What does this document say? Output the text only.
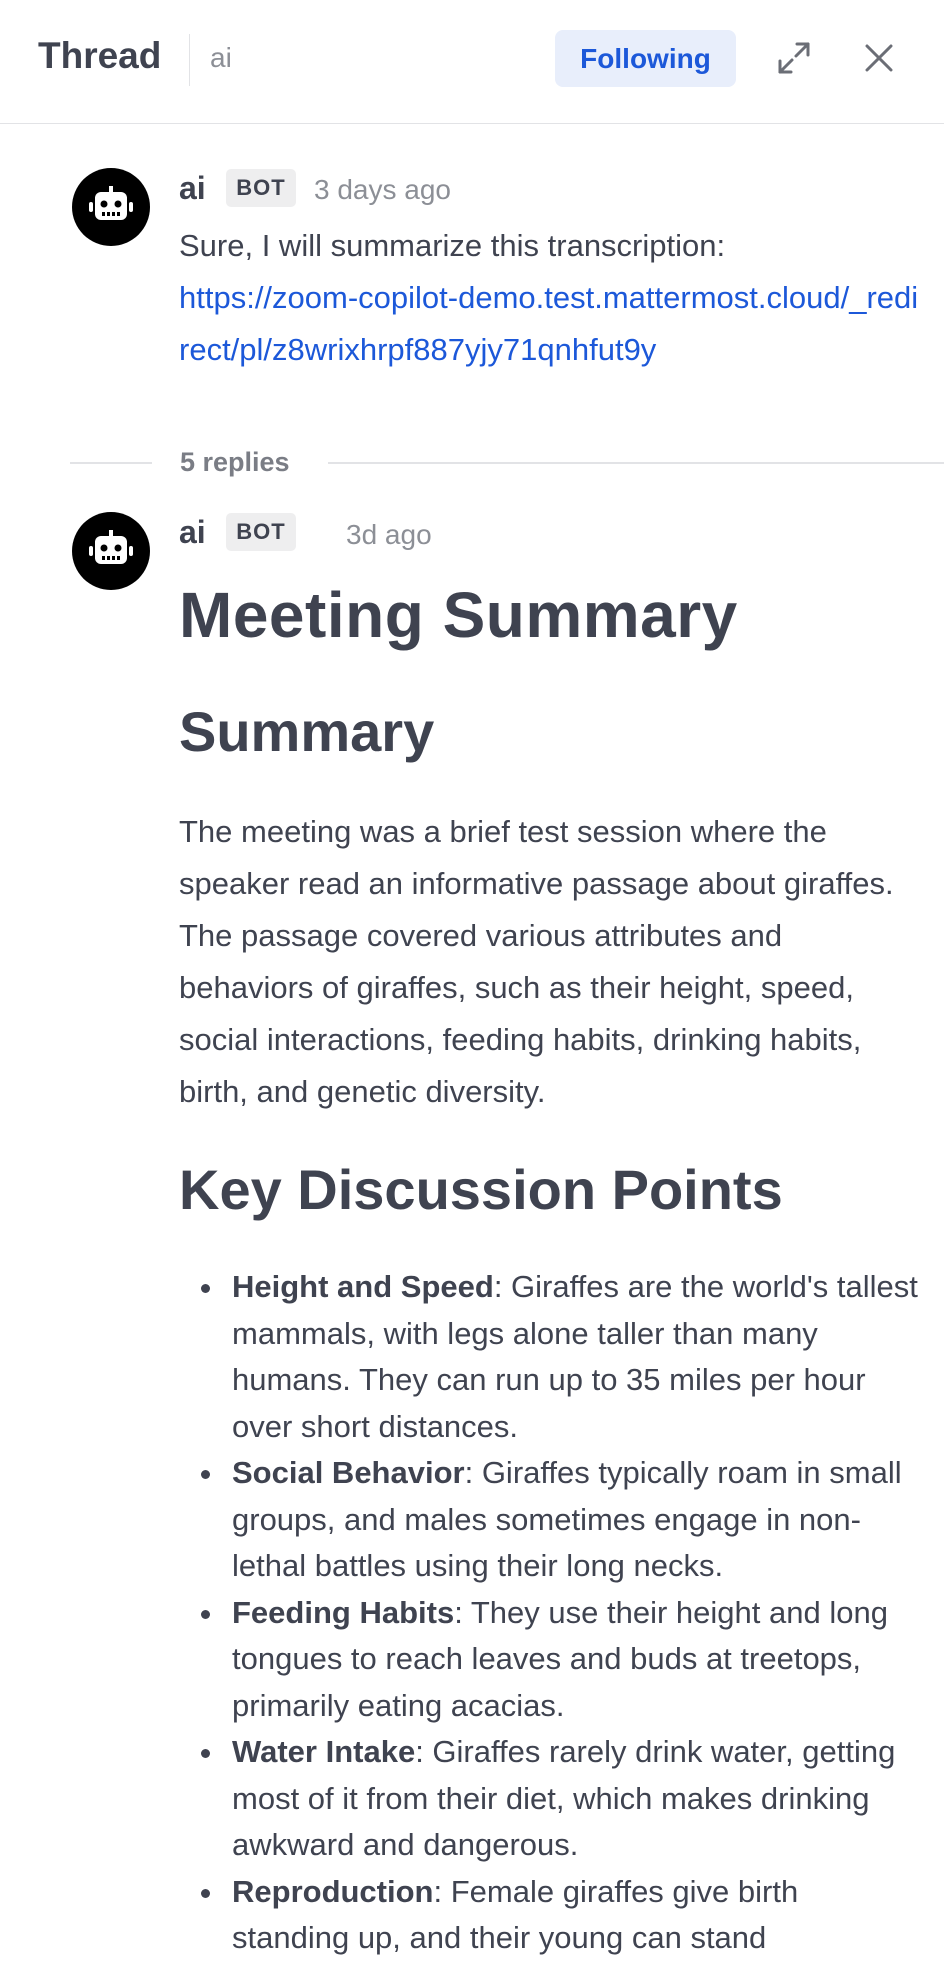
Thread ai	Following
ai	BOT	3 days ago
Sure, I will summarize this transcription:
https://zoom-copilot-demo.test.mattermost.cloud/_redirect/pl/z8wrixhrpf887yjy71qnhfut9y
5 replies
ai	BOT	3d ago
Meeting Summary
Summary

The meeting was a brief test session where the speaker read an informative passage about giraffes. The passage covered various attributes and behaviors of giraffes, such as their height, speed, social interactions, feeding habits, drinking habits, birth, and genetic diversity.

Key Discussion Points
Height and Speed: Giraffes are the world's tallest mammals, with legs alone taller than many humans. They can run up to 35 miles per hour over short distances.
Social Behavior: Giraffes typically roam in small groups, and males sometimes engage in non-lethal battles using their long necks.
Feeding Habits: They use their height and long tongues to reach leaves and buds at treetops, primarily eating acacias.
Water Intake: Giraffes rarely drink water, getting most of it from their diet, which makes drinking awkward and dangerous.
Reproduction: Female giraffes give birth standing up, and their young can stand
